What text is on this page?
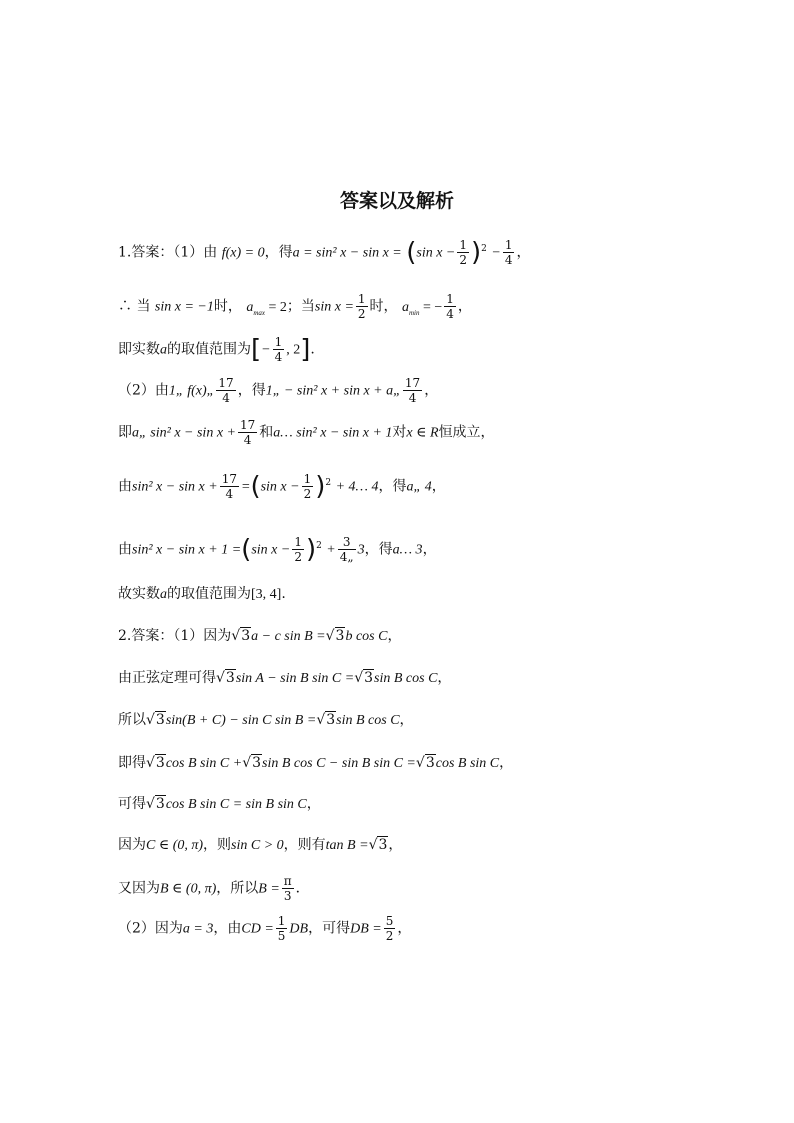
答案以及解析
1.答案：（1）由 f(x) = 0，得a = sin² x − sin x = (sin $x - \frac{1}{2} )^2 - \frac{1}{4}$ ，
∴ 当 sin x = −1时， $a_{max} = 2$；当$\sin x = \frac{1}{2}$ 时， $a_{min}$ = − $\frac{1}{4}$ ，
即实数a的取值范围为[− $\frac{1}{4}$ , 2].
（2）由1„ f(x)„ $\frac{17}{4}$ ，得1„ − sin² x + sin x + a„ $\frac{17}{4}$ ，
即a„ sin² $x - \sin x + \frac{17}{4}$ 和a… sin² x − sin x + 1对x ∈ R恒成立，
由sin² $x - \sin x + \frac{17}{4} =(\sin$ $x - \frac{1}{2} )^2$ + 4… 4，得a„ 4，
由sin² x − sin x + 1 =(sin $x - \frac{1}{2} )^2 + \frac{3}{4„} 3$，得a… 3，
故实数a的取值范围为[3, 4].
2.答案：（1）因为√3a − c sin B =√3b cos C，
由正弦定理可得√3sin A − sin B sin C =√3sin B cos C，
所以√3sin(B + C) − sin C sin B =√3sin B cos C，
即得√3cos B sin C +√3sin B cos C − sin B sin C =√3cos B sin C，
可得√3cos B sin C = sin B sin C，
因为C ∈ (0, π)，则sin C > 0，则有tan B =√3，
又因为B ∈ (0, π)，所以$B = \frac{\pi}{3}$ ．
（2）因为a = 3，由CD = $\frac{1}{5}$ DB，可得DB = $\frac{5}{2}$ ，
